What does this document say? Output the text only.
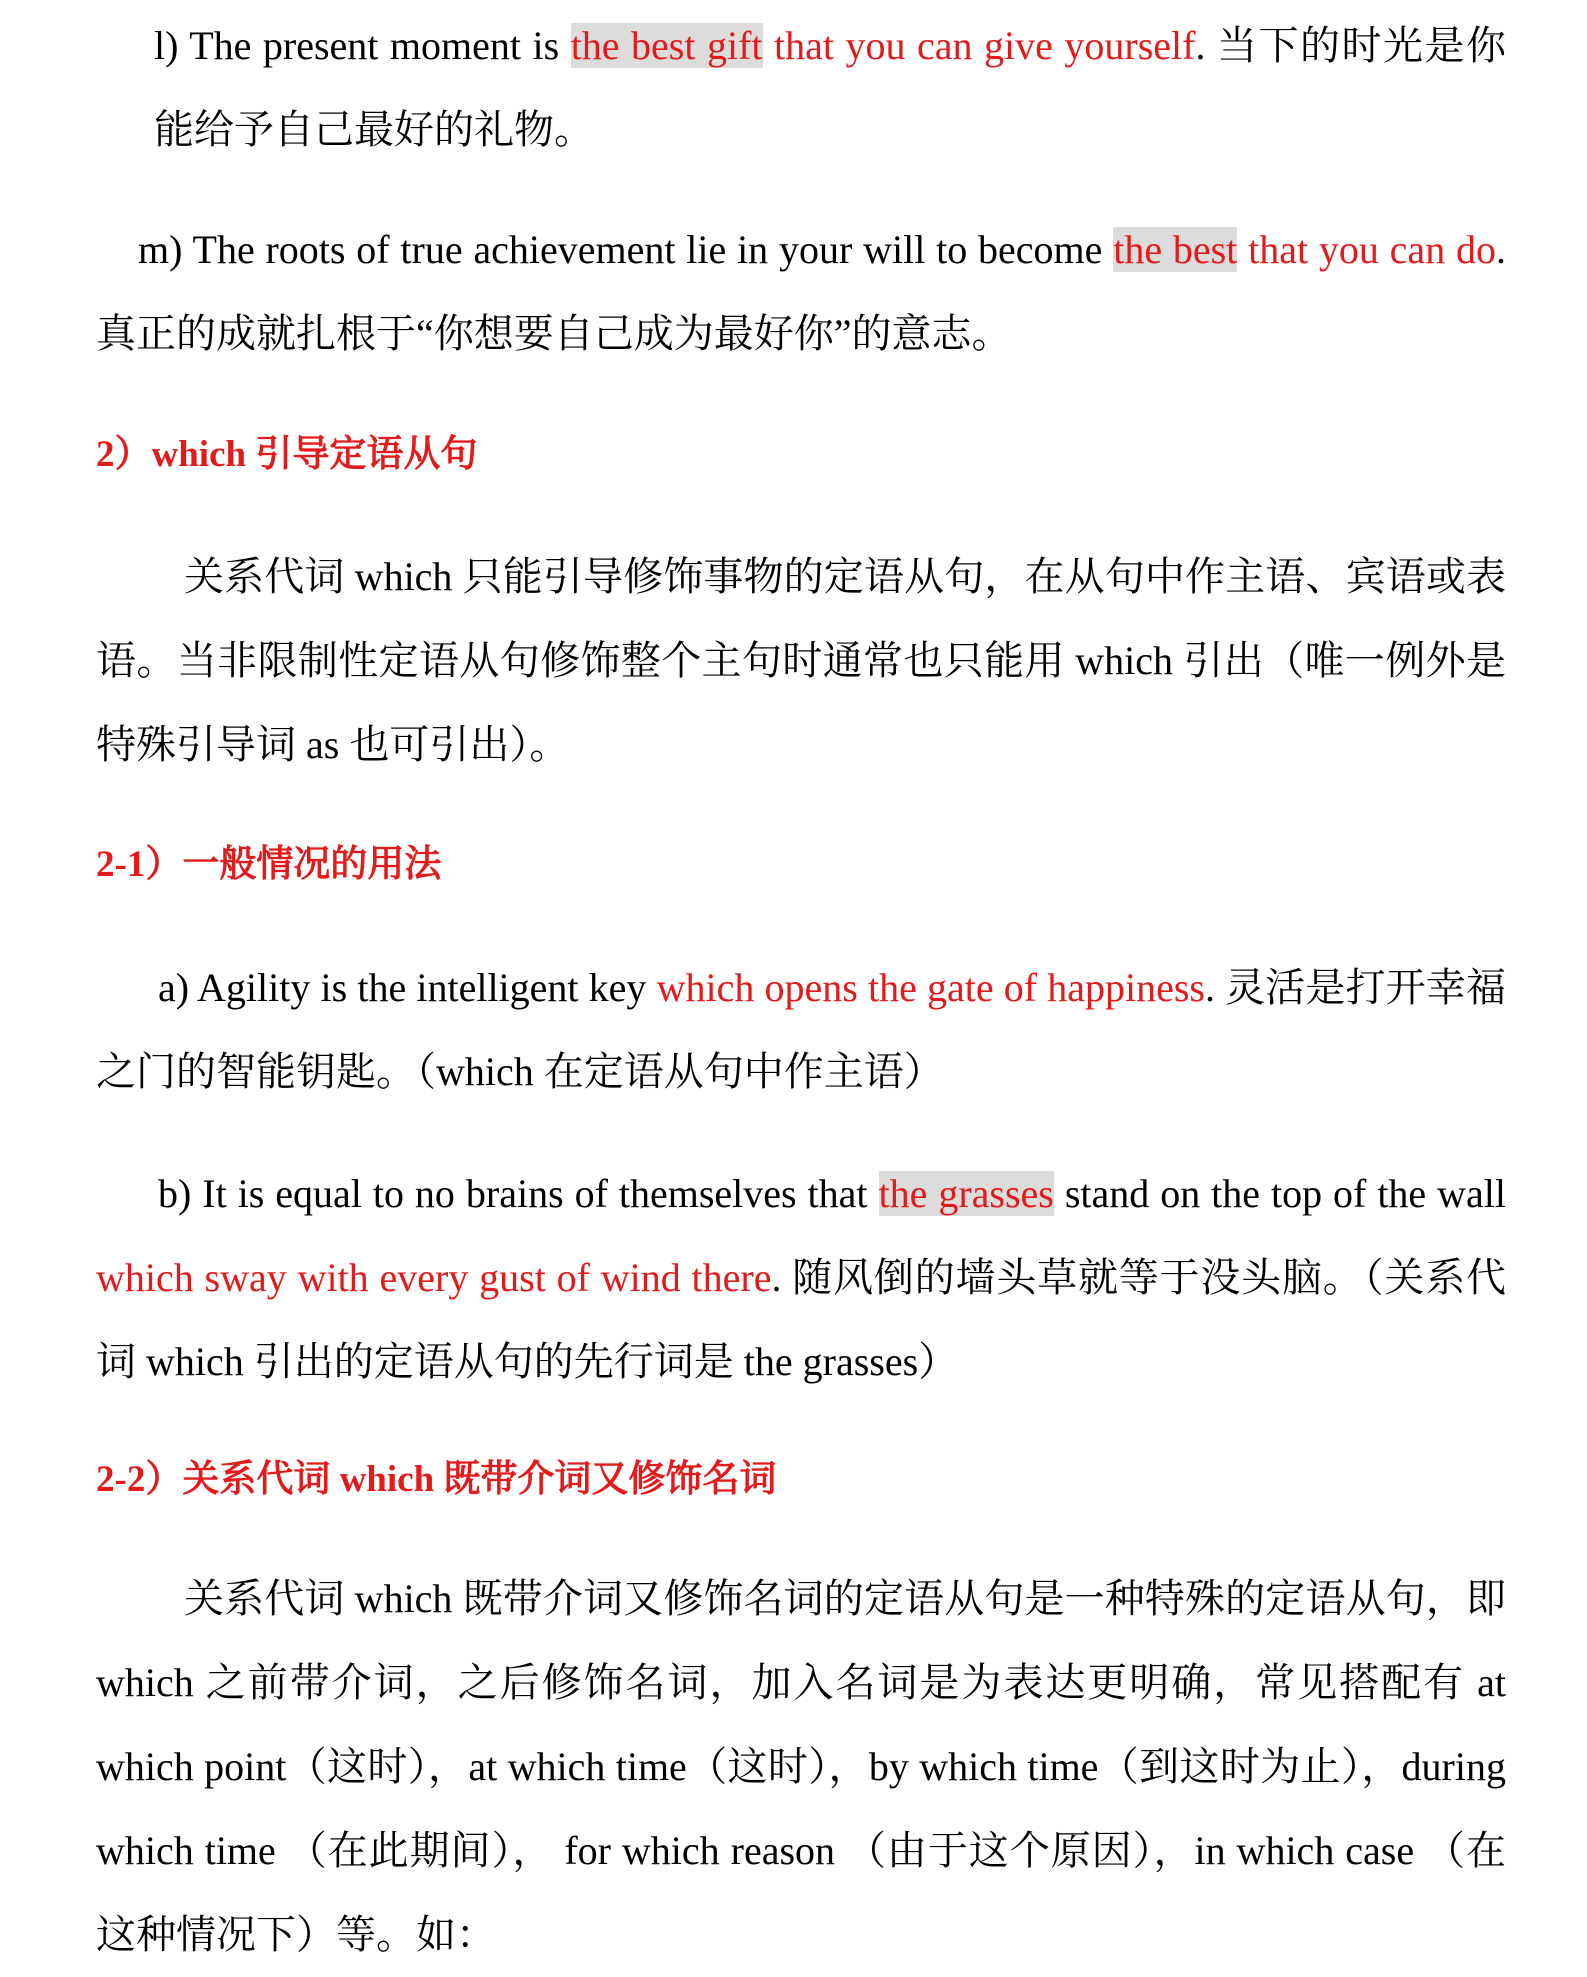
l) The present moment is the best gift that you can give yourself. 当下的时光是你能给予自己最好的礼物。

m) The roots of true achievement lie in your will to become the best that you can do. 真正的成就扎根于“你想要自己成为最好你”的意志。

2）which 引导定语从句

关系代词 which 只能引导修饰事物的定语从句，在从句中作主语、宾语或表语。当非限制性定语从句修饰整个主句时通常也只能用 which 引出（唯一例外是特殊引导词 as 也可引出）。

2-1）一般情况的用法

a) Agility is the intelligent key which opens the gate of happiness. 灵活是打开幸福之门的智能钥匙。（which 在定语从句中作主语）

b) It is equal to no brains of themselves that the grasses stand on the top of the wall which sway with every gust of wind there. 随风倒的墙头草就等于没头脑。（关系代词 which 引出的定语从句的先行词是 the grasses）

2-2）关系代词 which 既带介词又修饰名词

关系代词 which 既带介词又修饰名词的定语从句是一种特殊的定语从句，即 which 之前带介词，之后修饰名词，加入名词是为表达更明确，常见搭配有 at which point（这时），at which time（这时），by which time（到这时为止），during which time （在此期间）， for which reason （由于这个原因），in which case （在这种情况下）等。如：
